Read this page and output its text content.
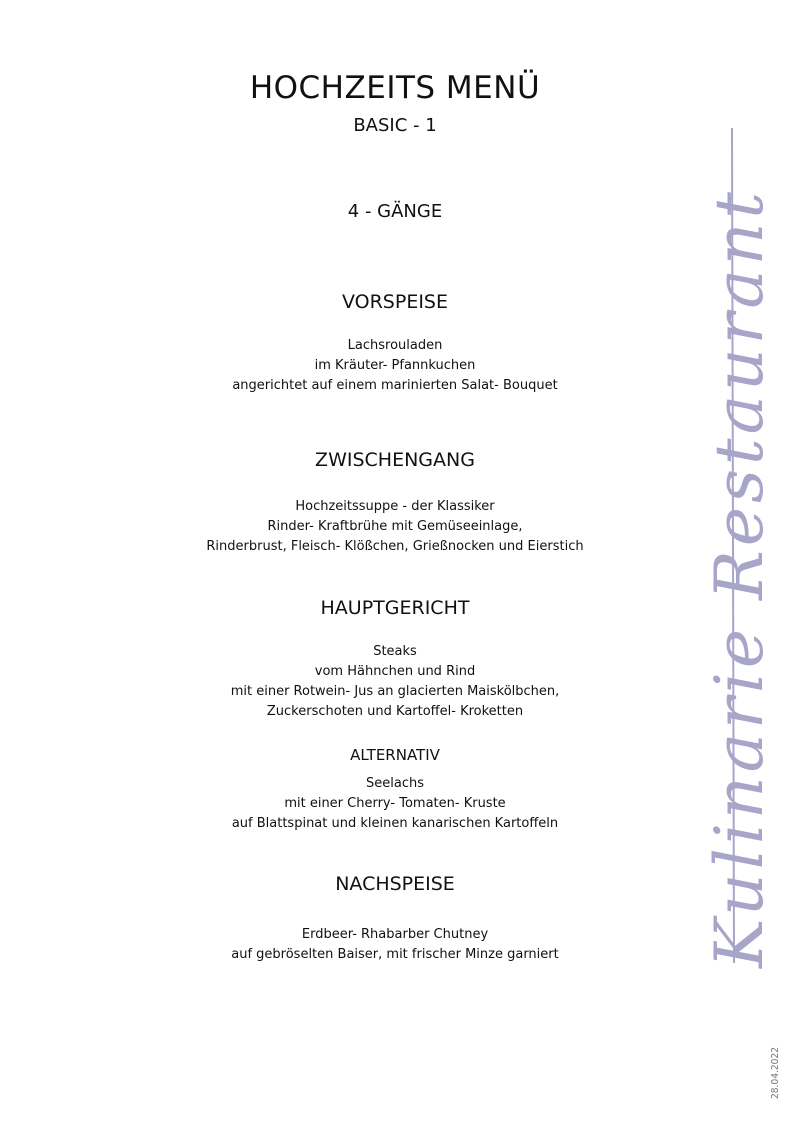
HOCHZEITS MENÜ
BASIC - 1
4 - GÄNGE
VORSPEISE
Lachsrouladen
im Kräuter- Pfannkuchen
angerichtet auf einem marinierten Salat- Bouquet
ZWISCHENGANG
Hochzeitssuppe - der Klassiker
Rinder- Kraftbrühe mit Gemüseeinlage,
Rinderbrust, Fleisch- Klößchen, Grießnocken und Eierstich
HAUPTGERICHT
Steaks
vom Hähnchen und Rind
mit einer Rotwein- Jus an glacierten Maiskölbchen,
Zuckerschoten und Kartoffel- Kroketten
ALTERNATIV
Seelachs
mit einer Cherry- Tomaten- Kruste
auf Blattspinat und kleinen kanarischen Kartoffeln
NACHSPEISE
Erdbeer- Rhabarber Chutney
auf gebröselten Baiser, mit frischer Minze garniert	Kulinarie Restaurant
28.04.2022
